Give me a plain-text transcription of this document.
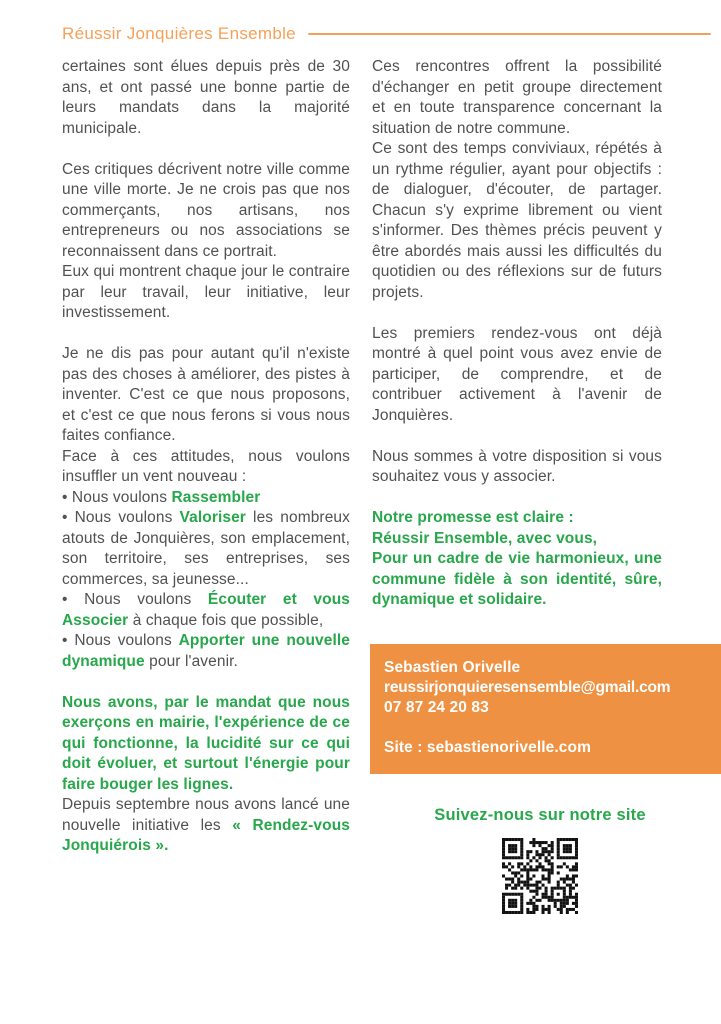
Réussir Jonquières Ensemble

certaines sont élues depuis près de 30 ans, et ont passé une bonne partie de leurs mandats dans la majorité municipale.

Ces critiques décrivent notre ville comme une ville morte. Je ne crois pas que nos commerçants, nos artisans, nos entrepreneurs ou nos associations se reconnaissent dans ce portrait.

Eux qui montrent chaque jour le contraire par leur travail, leur initiative, leur investissement.

Je ne dis pas pour autant qu'il n'existe pas des choses à améliorer, des pistes à inventer. C'est ce que nous proposons, et c'est ce que nous ferons si vous nous faites confiance.

Face à ces attitudes, nous voulons insuffler un vent nouveau :

• Nous voulons Rassembler

• Nous voulons Valoriser les nombreux atouts de Jonquières, son emplacement, son territoire, ses entreprises, ses commerces, sa jeunesse...

• Nous voulons Écouter et vous Associer à chaque fois que possible,

• Nous voulons Apporter une nouvelle dynamique pour l'avenir.

Nous avons, par le mandat que nous exerçons en mairie, l'expérience de ce qui fonctionne, la lucidité sur ce qui doit évoluer, et surtout l'énergie pour faire bouger les lignes.

Depuis septembre nous avons lancé une nouvelle initiative les « Rendez-vous Jonquiérois ».

Ces rencontres offrent la possibilité d'échanger en petit groupe directement et en toute transparence concernant la situation de notre commune.

Ce sont des temps conviviaux, répétés à un rythme régulier, ayant pour objectifs : de dialoguer, d'écouter, de partager. Chacun s'y exprime librement ou vient s'informer. Des thèmes précis peuvent y être abordés mais aussi les difficultés du quotidien ou des réflexions sur de futurs projets.

Les premiers rendez-vous ont déjà montré à quel point vous avez envie de participer, de comprendre, et de contribuer activement à l'avenir de Jonquières.

Nous sommes à votre disposition si vous souhaitez vous y associer.

Notre promesse est claire :

Réussir Ensemble, avec vous,

Pour un cadre de vie harmonieux, une commune fidèle à son identité, sûre, dynamique et solidaire.

Sebastien Orivelle
reussirjonquieresensemble@gmail.com
07 87 24 20 83
Site : sebastienorivelle.com
Suivez-nous sur notre site
